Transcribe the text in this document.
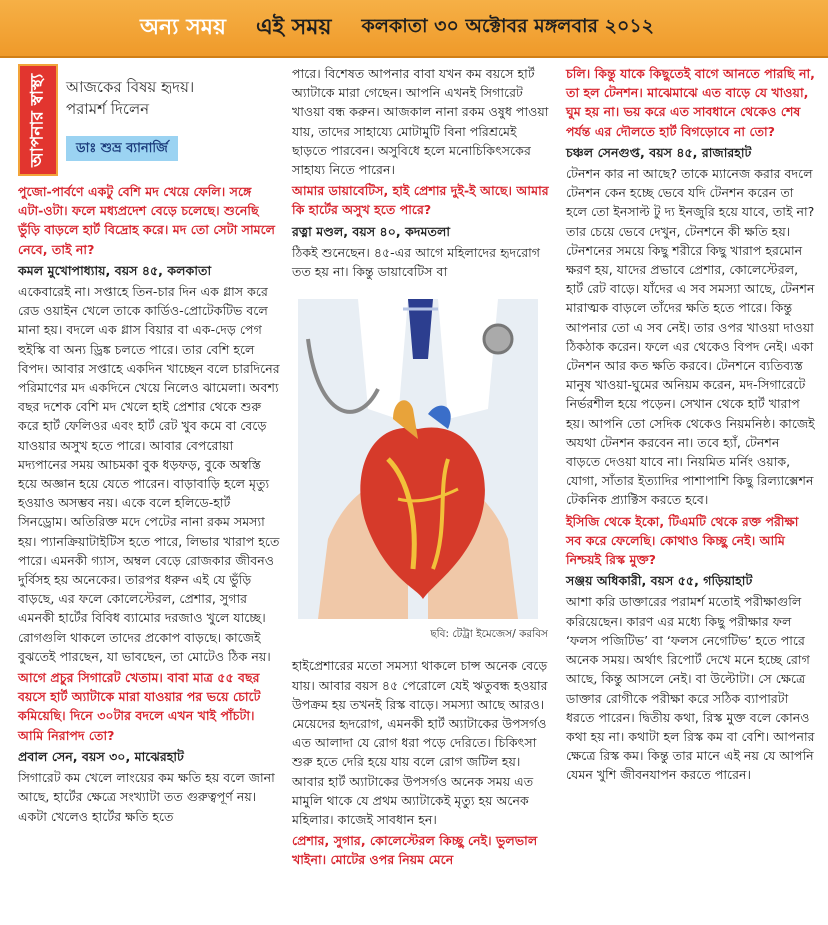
অন্য সময় এই সময় কলকাতা ৩০ অক্টোবর মঙ্গলবার ২০১২
আপনার স্বাস্থ্য	আজকের বিষয় হৃদয়।
পরামর্শ দিলেন
ডাঃ শুভ্র ব্যানার্জি

পুজো-পার্বণে একটু বেশি মদ খেয়ে ফেলি। সঙ্গে এটা-ওটা। ফলে মধ্যপ্রদেশ বেড়ে চলেছে। শুনেছি ভুঁড়ি বাড়লে হার্ট বিদ্রোহ করে। মদ তো সেটা সামলে নেবে, তাই না?

কমল মুখোপাধ্যায়, বয়স ৪৫, কলকাতা

একেবারেই না। সপ্তাহে তিন-চার দিন এক গ্লাস করে রেড ওয়াইন খেলে তাকে কার্ডিও-প্রোটেকটিভ বলে মানা হয়। বদলে এক গ্লাস বিয়ার বা এক-দেড় পেগ হুইস্কি বা অন্য ড্রিঙ্ক চলতে পারে। তার বেশি হলে বিপদ। আবার সপ্তাহে একদিন খাচ্ছেন বলে চারদিনের পরিমাণের মদ একদিনে খেয়ে নিলেও ঝামেলা। অবশ্য বছর দশেক বেশি মদ খেলে হাই প্রেশার থেকে শুরু করে হার্ট ফেলিওর এবং হার্ট রেট খুব কমে বা বেড়ে যাওয়ার অসুখ হতে পারে। আবার বেপরোয়া মদ্যপানের সময় আচমকা বুক ধড়ফড়, বুকে অস্বস্তি হয়ে অজ্ঞান হয়ে যেতে পারেন। বাড়াবাড়ি হলে মৃত্যু হওয়াও অসম্ভব নয়। একে বলে হলিডে-হার্ট সিনড্রোম। অতিরিক্ত মদে পেটের নানা রকম সমস্যা হয়। প্যানক্রিয়াটাইটিস হতে পারে, লিভার খারাপ হতে পারে। এমনকী গ্যাস, অম্বল বেড়ে রোজকার জীবনও দুর্বিসহ হয় অনেকের। তারপর ধরুন এই যে ভুঁড়ি বাড়ছে, এর ফলে কোলেস্টেরল, প্রেশার, সুগার এমনকী হার্টের বিবিধ ব্যামোর দরজাও খুলে যাচ্ছে। রোগগুলি থাকলে তাদের প্রকোপ বাড়ছে। কাজেই বুঝতেই পারছেন, যা ভাবছেন, তা মোটেও ঠিক নয়।

আগে প্রচুর সিগারেট খেতাম। বাবা মাত্র ৫৫ বছর বয়সে হার্ট অ্যাটাকে মারা যাওয়ার পর ভয়ে চোটে কমিয়েছি। দিনে ৩০টার বদলে এখন খাই পাঁচটা। আমি নিরাপদ তো?

প্রবাল সেন, বয়স ৩০, মাঝেরহাট

সিগারেট কম খেলে লাংয়ের কম ক্ষতি হয় বলে জানা আছে, হার্টের ক্ষেত্রে সংখ্যাটা তত গুরুত্বপূর্ণ নয়। একটা খেলেও হার্টের ক্ষতি হতে

পারে। বিশেষত আপনার বাবা যখন কম বয়সে হার্ট অ্যাটাকে মারা গেছেন। আপনি এখনই সিগারেট খাওয়া বন্ধ করুন। আজকাল নানা রকম ওষুধ পাওয়া যায়, তাদের সাহায্যে মোটামুটি বিনা পরিশ্রমেই ছাড়তে পারবেন। অসুবিধে হলে মনোচিকিৎসকের সাহায্য নিতে পারেন।

আমার ডায়াবেটিস, হাই প্রেশার দুই-ই আছে। আমার কি হার্টের অসুখ হতে পারে?

রত্না মণ্ডল, বয়স ৪০, কদমতলা

ঠিকই শুনেছেন। ৪৫-এর আগে মহিলাদের হৃদরোগ তত হয় না। কিন্তু ডায়াবেটিস বা

ছবি: টেট্রা ইমেজেস/ করবিস

হাইপ্রেশারের মতো সমস্যা থাকলে চান্স অনেক বেড়ে যায়। আবার বয়স ৪৫ পেরোলে যেই ঋতুবন্ধ হওয়ার উপক্রম হয় তখনই রিস্ক বাড়ে। সমস্যা আছে আরও। মেয়েদের হৃদরোগ, এমনকী হার্ট অ্যাটাকের উপসর্গও এত আলাদা যে রোগ ধরা পড়ে দেরিতে। চিকিৎসা শুরু হতে দেরি হয়ে যায় বলে রোগ জটিল হয়। আবার হার্ট অ্যাটাকের উপসর্গও অনেক সময় এত মামুলি থাকে যে প্রথম অ্যাটাকেই মৃত্যু হয় অনেক মহিলার। কাজেই সাবধান হন।

প্রেশার, সুগার, কোলেস্টেরল কিচ্ছু নেই। ভুলভাল খাইনা। মোটের ওপর নিয়ম মেনে

চলি। কিন্তু যাকে কিছুতেই বাগে আনতে পারছি না, তা হল টেনশন। মাঝেমাঝে এত বাড়ে যে খাওয়া, ঘুম হয় না। ভয় করে এত সাবধানে থেকেও শেষ পর্যন্ত এর দৌলতে হার্ট বিগড়োবে না তো?

চঞ্চল সেনগুপ্ত, বয়স ৪৫, রাজারহাট

টেনশন কার না আছে? তাকে ম্যানেজ করার বদলে টেনশন কেন হচ্ছে ভেবে যদি টেনশন করেন তা হলে তো ইনসাল্ট টু দ্য ইনজুরি হয়ে যাবে, তাই না? তার চেয়ে ভেবে দেখুন, টেনশনে কী ক্ষতি হয়। টেনশনের সময়ে কিছু শরীরে কিছু খারাপ হরমোন ক্ষরণ হয়, যাদের প্রভাবে প্রেশার, কোলেস্টেরল, হার্ট রেট বাড়ে। যাঁদের এ সব সমস্যা আছে, টেনশন মারাত্মক বাড়লে তাঁদের ক্ষতি হতে পারে। কিন্তু আপনার তো এ সব নেই। তার ওপর খাওয়া দাওয়া ঠিকঠাক করেন। ফলে এর থেকেও বিপদ নেই। একা টেনশন আর কত ক্ষতি করবে। টেনশনে ব্যতিব্যস্ত মানুষ খাওয়া-ঘুমের অনিয়ম করেন, মদ-সিগারেটে নির্ভরশীল হয়ে পড়েন। সেখান থেকে হার্ট খারাপ হয়। আপনি তো সেদিক থেকেও নিয়মনিষ্ঠ। কাজেই অযথা টেনশন করবেন না। তবে হ্যাঁ, টেনশন বাড়তে দেওয়া যাবে না। নিয়মিত মর্নিং ওয়াক, যোগা, সাঁতার ইত্যাদির পাশাপাশি কিছু রিল্যাক্সেশন টেকনিক প্র্যাক্টিস করতে হবে।

ইসিজি থেকে ইকো, টিএমটি থেকে রক্ত পরীক্ষা সব করে ফেলেছি। কোথাও কিচ্ছু নেই। আমি নিশ্চয়ই রিস্ক মুক্ত?

সঞ্জয় অধিকারী, বয়স ৫৫, গড়িয়াহাট

আশা করি ডাক্তারের পরামর্শ মতোই পরীক্ষাগুলি করিয়েছেন। কারণ এর মধ্যে কিছু পরীক্ষার ফল ‘ফলস পজিটিভ’ বা ‘ফলস নেগেটিভ’ হতে পারে অনেক সময়। অর্থাৎ রিপোর্ট দেখে মনে হচ্ছে রোগ আছে, কিন্তু আসলে নেই। বা উল্টোটা। সে ক্ষেত্রে ডাক্তার রোগীকে পরীক্ষা করে সঠিক ব্যাপারটা ধরতে পারেন। দ্বিতীয় কথা, রিস্ক মুক্ত বলে কোনও কথা হয় না। কথাটা হল রিস্ক কম বা বেশি। আপনার ক্ষেত্রে রিস্ক কম। কিন্তু তার মানে এই নয় যে আপনি যেমন খুশি জীবনযাপন করতে পারেন।
